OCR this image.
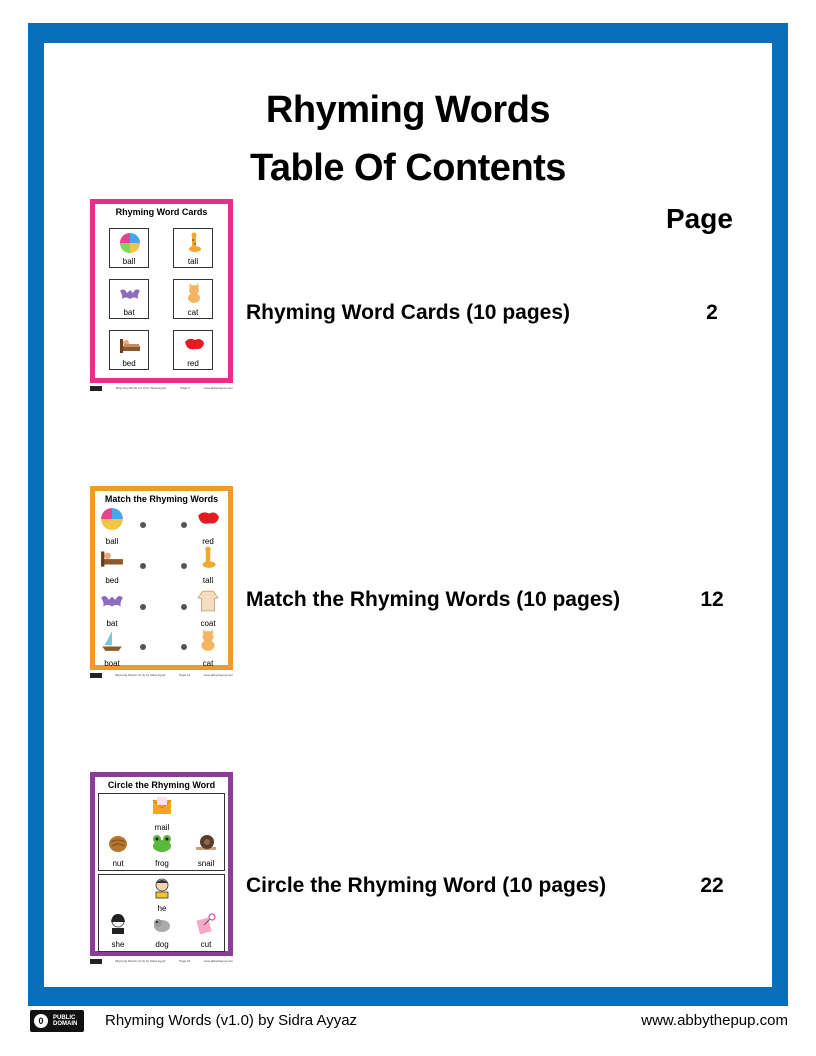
Rhyming Words
Table Of Contents
Page
Rhyming Word Cards
ball	tall
bat	cat
bed	red
Rhyming Words (v1.0) by Sidra Ayyaz	Page 2	www.abbythepup.com
Rhyming Word Cards (10 pages)	2
Match the Rhyming Words
ball
bed
bat
boat
red
tall
coat
cat
Rhyming Words (v1.0) by Sidra Ayyaz	Page 12	www.abbythepup.com
Match the Rhyming Words (10 pages)	12
Circle the Rhyming Word
mail
nut	frog	snail
he
she	dog	cut
Rhyming Words (v1.0) by Sidra Ayyaz	Page 22	www.abbythepup.com
Circle the Rhyming Word (10 pages)	22
0	PUBLIC
DOMAIN Rhyming Words (v1.0) by Sidra Ayyaz	www.abbythepup.com
